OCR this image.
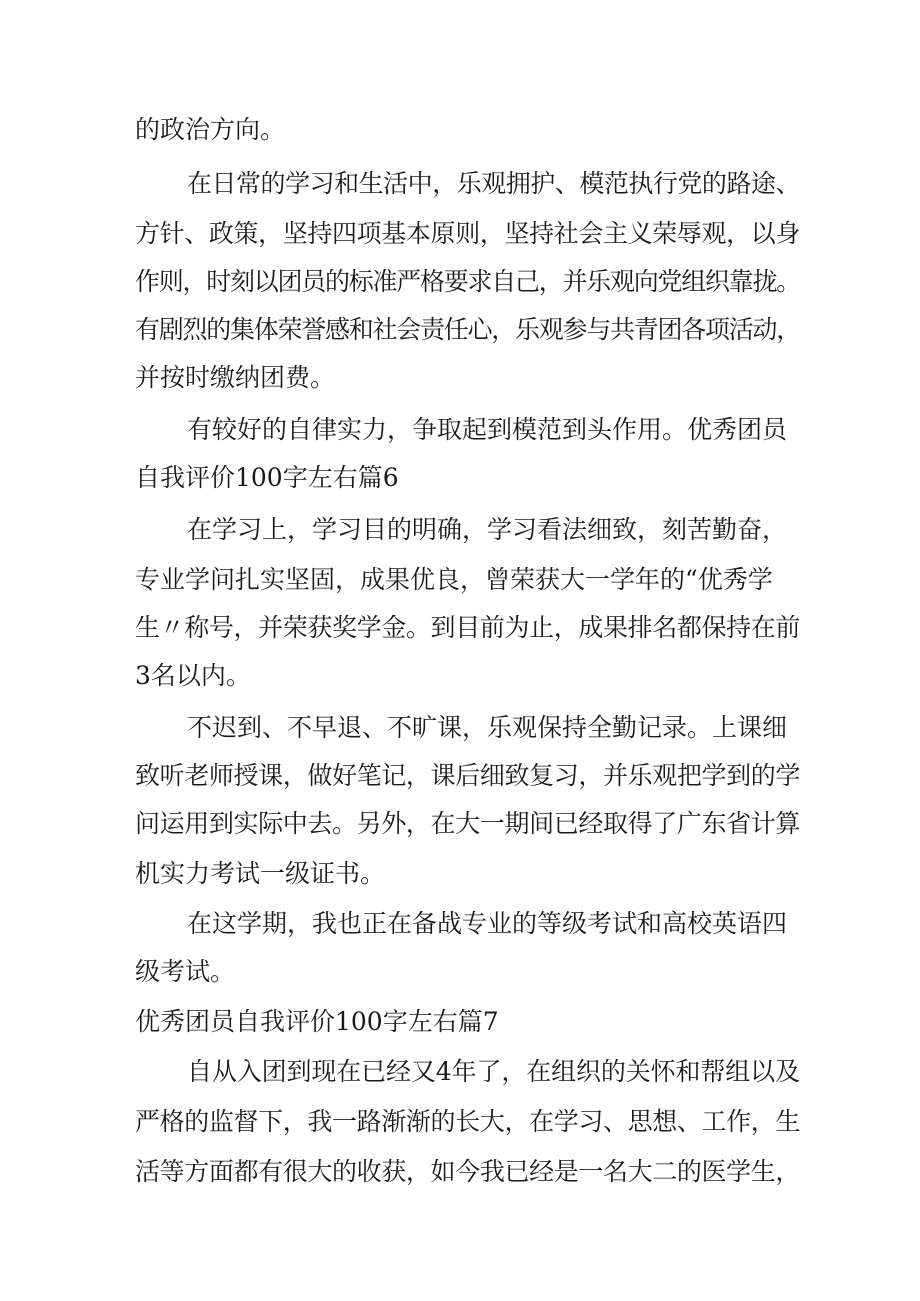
的政治方向。
在日常的学习和生活中，乐观拥护、模范执行党的路途、
方针、政策，坚持四项基本原则，坚持社会主义荣辱观，以身
作则，时刻以团员的标准严格要求自己，并乐观向党组织靠拢。
有剧烈的集体荣誉感和社会责任心，乐观参与共青团各项活动，
并按时缴纳团费。
有较好的自律实力，争取起到模范到头作用。优秀团员
自我评价100字左右篇6
在学习上，学习目的明确，学习看法细致，刻苦勤奋，
专业学问扎实坚固，成果优良，曾荣获大一学年的“优秀学
生〃称号，并荣获奖学金。到目前为止，成果排名都保持在前
3名以内。
不迟到、不早退、不旷课，乐观保持全勤记录。上课细
致听老师授课，做好笔记，课后细致复习，并乐观把学到的学
问运用到实际中去。另外，在大一期间已经取得了广东省计算
机实力考试一级证书。
在这学期，我也正在备战专业的等级考试和高校英语四
级考试。
优秀团员自我评价100字左右篇7
自从入团到现在已经又4年了，在组织的关怀和帮组以及
严格的监督下，我一路渐渐的长大，在学习、思想、工作，生
活等方面都有很大的收获，如今我已经是一名大二的医学生，
